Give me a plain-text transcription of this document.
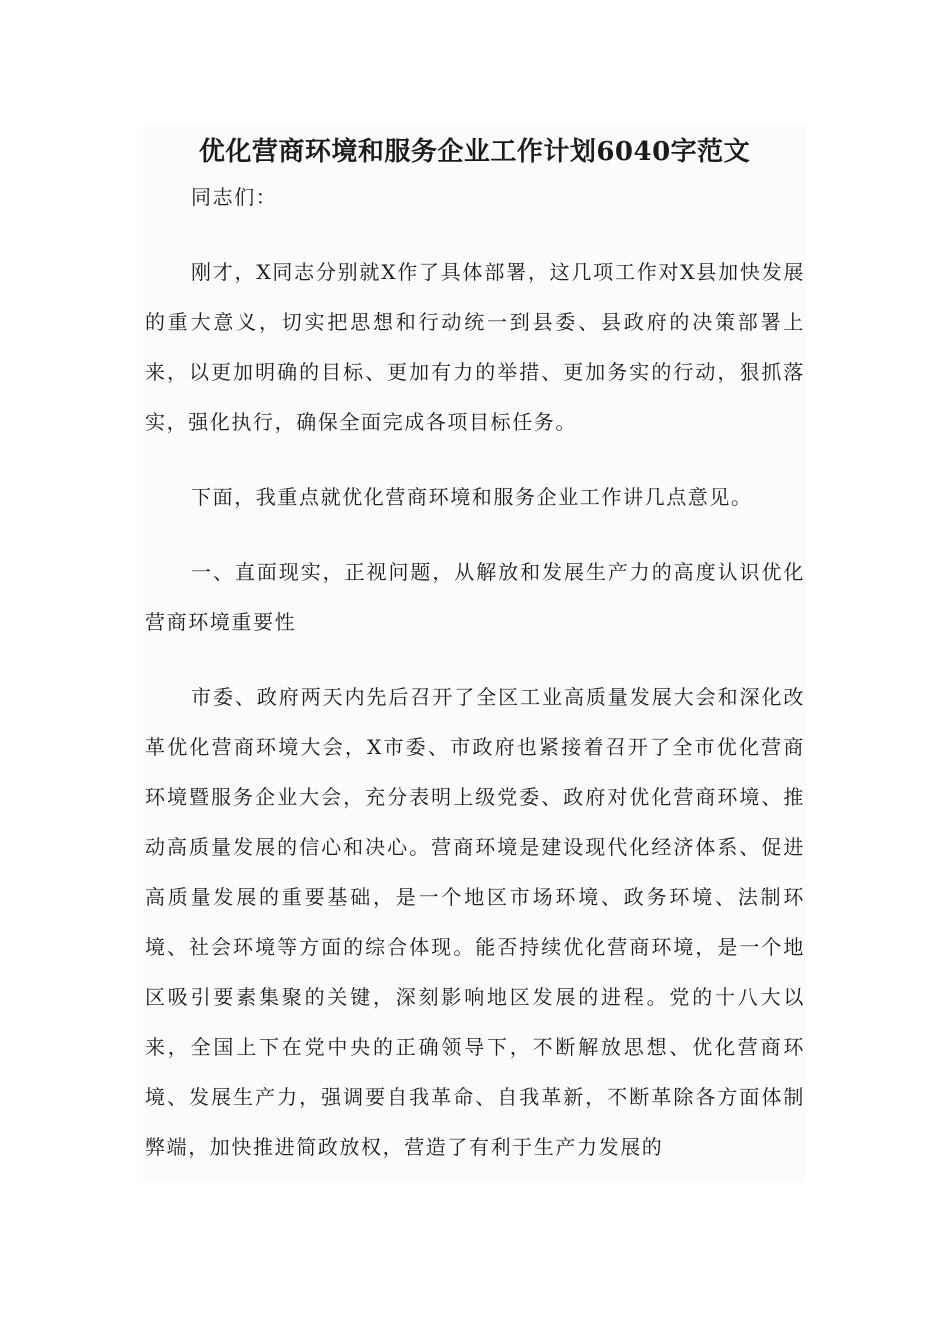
优化营商环境和服务企业工作计划6040字范文

同志们：

刚才，X同志分别就X作了具体部署，这几项工作对X县加快发展的重大意义，切实把思想和行动统一到县委、县政府的决策部署上来，以更加明确的目标、更加有力的举措、更加务实的行动，狠抓落实，强化执行，确保全面完成各项目标任务。

下面，我重点就优化营商环境和服务企业工作讲几点意见。

一、直面现实，正视问题，从解放和发展生产力的高度认识优化营商环境重要性

市委、政府两天内先后召开了全区工业高质量发展大会和深化改革优化营商环境大会，X市委、市政府也紧接着召开了全市优化营商环境暨服务企业大会，充分表明上级党委、政府对优化营商环境、推动高质量发展的信心和决心。营商环境是建设现代化经济体系、促进高质量发展的重要基础，是一个地区市场环境、政务环境、法制环境、社会环境等方面的综合体现。能否持续优化营商环境，是一个地区吸引要素集聚的关键，深刻影响地区发展的进程。党的十八大以来，全国上下在党中央的正确领导下，不断解放思想、优化营商环境、发展生产力，强调要自我革命、自我革新，不断革除各方面体制弊端，加快推进简政放权，营造了有利于生产力发展的
